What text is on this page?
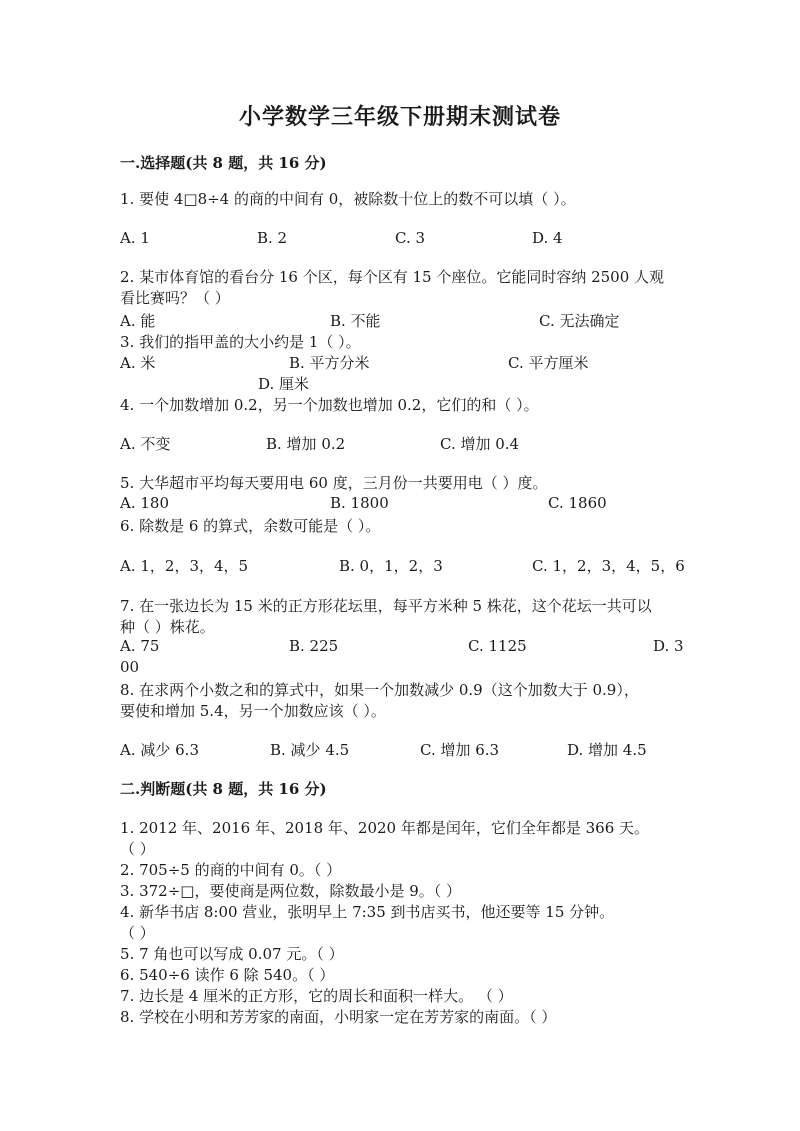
小学数学三年级下册期末测试卷
一.选择题(共 8 题，共 16 分)
1. 要使 4□8÷4 的商的中间有 0，被除数十位上的数不可以填（ ）。
A. 1	B. 2	C. 3	D. 4
2. 某市体育馆的看台分 16 个区，每个区有 15 个座位。它能同时容纳 2500 人观
看比赛吗？（ ）
A. 能	B. 不能	C. 无法确定
3. 我们的指甲盖的大小约是 1（ ）。
A. 米	B. 平方分米	C. 平方厘米
D. 厘米
4. 一个加数增加 0.2，另一个加数也增加 0.2，它们的和（ ）。
A. 不变	B. 增加 0.2	C. 增加 0.4
5. 大华超市平均每天要用电 60 度，三月份一共要用电（ ）度。
A. 180	B. 1800	C. 1860
6. 除数是 6 的算式，余数可能是（ ）。
A. 1，2，3，4，5	B. 0，1，2，3	C. 1，2，3，4，5，6
7. 在一张边长为 15 米的正方形花坛里，每平方米种 5 株花，这个花坛一共可以
种（ ）株花。
A. 75	B. 225	C. 1125	D. 3
00
8. 在求两个小数之和的算式中，如果一个加数减少 0.9（这个加数大于 0.9），
要使和增加 5.4，另一个加数应该（ ）。
A. 减少 6.3	B. 减少 4.5	C. 增加 6.3	D. 增加 4.5
二.判断题(共 8 题，共 16 分)
1. 2012 年、2016 年、2018 年、2020 年都是闰年，它们全年都是 366 天。
（ ）
2. 705÷5 的商的中间有 0。（ ）
3. 372÷□，要使商是两位数，除数最小是 9。（ ）
4. 新华书店 8:00 营业，张明早上 7:35 到书店买书，他还要等 15 分钟。
（ ）
5. 7 角也可以写成 0.07 元。（ ）
6. 540÷6 读作 6 除 540。（ ）
7. 边长是 4 厘米的正方形，它的周长和面积一样大。 （ ）
8. 学校在小明和芳芳家的南面，小明家一定在芳芳家的南面。（ ）
